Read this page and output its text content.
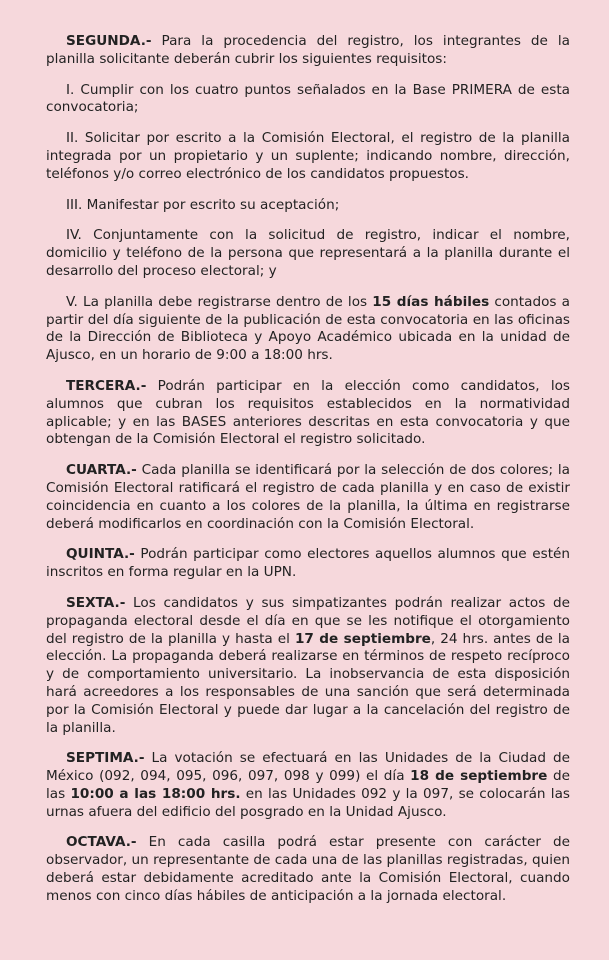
SEGUNDA.- Para la procedencia del registro, los integrantes de la planilla solicitante deberán cubrir los siguientes requisitos:

I. Cumplir con los cuatro puntos señalados en la Base PRIMERA de esta convocatoria;

II. Solicitar por escrito a la Comisión Electoral, el registro de la planilla integrada por un propietario y un suplente; indicando nombre, dirección, teléfonos y/o correo electrónico de los candidatos propuestos.

III. Manifestar por escrito su aceptación;

IV. Conjuntamente con la solicitud de registro, indicar el nombre, domicilio y teléfono de la persona que representará a la planilla durante el desarrollo del proceso electoral; y

V. La planilla debe registrarse dentro de los 15 días hábiles contados a partir del día siguiente de la publicación de esta convocatoria en las oficinas de la Dirección de Biblioteca y Apoyo Académico ubicada en la unidad de Ajusco, en un horario de 9:00 a 18:00 hrs.

TERCERA.- Podrán participar en la elección como candidatos, los alumnos que cubran los requisitos establecidos en la normatividad aplicable; y en las BASES anteriores descritas en esta convocatoria y que obtengan de la Comisión Electoral el registro solicitado.

CUARTA.- Cada planilla se identificará por la selección de dos colores; la Comisión Electoral ratificará el registro de cada planilla y en caso de existir coincidencia en cuanto a los colores de la planilla, la última en registrarse deberá modificarlos en coordinación con la Comisión Electoral.

QUINTA.- Podrán participar como electores aquellos alumnos que estén inscritos en forma regular en la UPN.

SEXTA.- Los candidatos y sus simpatizantes podrán realizar actos de propaganda electoral desde el día en que se les notifique el otorgamiento del registro de la planilla y hasta el 17 de septiembre, 24 hrs. antes de la elección. La propaganda deberá realizarse en términos de respeto recíproco y de comportamiento universitario. La inobservancia de esta disposición hará acreedores a los responsables de una sanción que será determinada por la Comisión Electoral y puede dar lugar a la cancelación del registro de la planilla.

SEPTIMA.- La votación se efectuará en las Unidades de la Ciudad de México (092, 094, 095, 096, 097, 098 y 099) el día 18 de septiembre de las 10:00 a las 18:00 hrs. en las Unidades 092 y la 097, se colocarán las urnas afuera del edificio del posgrado en la Unidad Ajusco.

OCTAVA.- En cada casilla podrá estar presente con carácter de observador, un representante de cada una de las planillas registradas, quien deberá estar debidamente acreditado ante la Comisión Electoral, cuando menos con cinco días hábiles de anticipación a la jornada electoral.
